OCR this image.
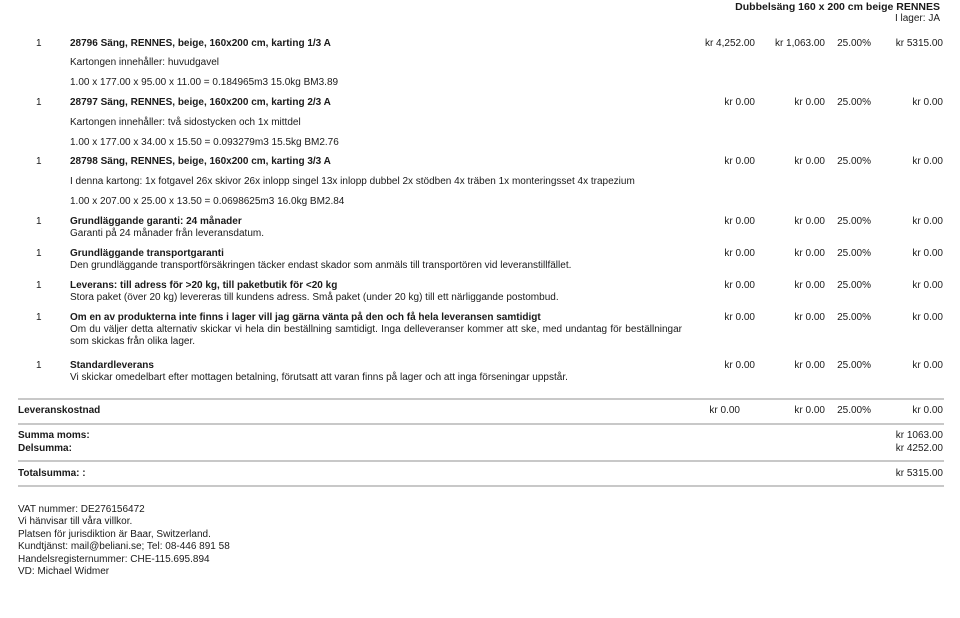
Dubbelsäng 160 x 200 cm beige RENNES
I lager: JA
1	28796 Säng, RENNES, beige, 160x200 cm, karting 1/3 A	kr 4,252.00 kr 1,063.00 25.00% kr 5315.00
Kartongen innehåller: huvudgavel
1.00 x 177.00 x 95.00 x 11.00 = 0.184965m3 15.0kg BM3.89
1	28797 Säng, RENNES, beige, 160x200 cm, karting 2/3 A	kr 0.00	kr 0.00 25.00%	kr 0.00
Kartongen innehåller: två sidostycken och 1x mittdel
1.00 x 177.00 x 34.00 x 15.50 = 0.093279m3 15.5kg BM2.76
1	28798 Säng, RENNES, beige, 160x200 cm, karting 3/3 A	kr 0.00	kr 0.00 25.00%	kr 0.00
I denna kartong: 1x fotgavel 26x skivor 26x inlopp singel 13x inlopp dubbel 2x stödben 4x träben 1x monteringsset 4x trapezium
1.00 x 207.00 x 25.00 x 13.50 = 0.0698625m3 16.0kg BM2.84
1	Grundläggande garanti: 24 månader	kr 0.00	kr 0.00 25.00%	kr 0.00
Garanti på 24 månader från leveransdatum.
1	Grundläggande transportgaranti	kr 0.00	kr 0.00 25.00%	kr 0.00
Den grundläggande transportförsäkringen täcker endast skador som anmäls till transportören vid leveranstillfället.
1	Leverans: till adress för >20 kg, till paketbutik för <20 kg	kr 0.00	kr 0.00 25.00%	kr 0.00
Stora paket (över 20 kg) levereras till kundens adress. Små paket (under 20 kg) till ett närliggande postombud.
1	Om en av produkterna inte finns i lager vill jag gärna vänta på den och få hela leveransen samtidigt	kr 0.00	kr 0.00 25.00%	kr 0.00
Om du väljer detta alternativ skickar vi hela din beställning samtidigt. Inga delleveranser kommer att ske, med undantag för beställningar som skickas från olika lager.
1	Standardleverans	kr 0.00	kr 0.00 25.00%	kr 0.00
Vi skickar omedelbart efter mottagen betalning, förutsatt att varan finns på lager och att inga förseningar uppstår.
Leveranskostnad	kr 0.00	kr 0.00 25.00%	kr 0.00
Summa moms:	kr 1063.00
Delsumma:	kr 4252.00
Totalsumma: :	kr 5315.00
VAT nummer: DE276156472
Vi hänvisar till våra villkor.
Platsen för jurisdiktion är Baar, Switzerland.
Kundtjänst: mail@beliani.se; Tel: 08-446 891 58
Handelsregisternummer: CHE-115.695.894
VD: Michael Widmer
